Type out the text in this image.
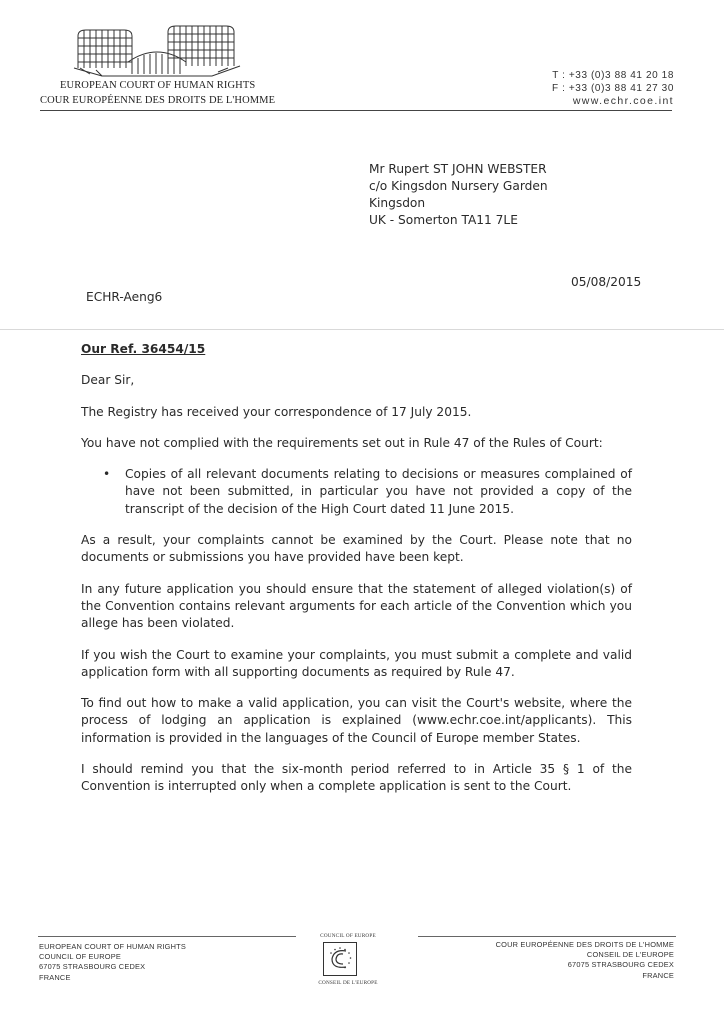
EUROPEAN COURT OF HUMAN RIGHTS
COUR EUROPÉENNE DES DROITS DE L'HOMME
T : +33 (0)3 88 41 20 18
F : +33 (0)3 88 41 27 30
www.echr.coe.int
Mr Rupert ST JOHN WEBSTER
c/o Kingsdon Nursery Garden
Kingsdon
UK - Somerton TA11 7LE
05/08/2015
ECHR-Aeng6
Our Ref. 36454/15
Dear Sir,
The Registry has received your correspondence of 17 July 2015.
You have not complied with the requirements set out in Rule 47 of the Rules of Court:
•	Copies of all relevant documents relating to decisions or measures complained of have not been submitted, in particular you have not provided a copy of the transcript of the decision of the High Court dated 11 June 2015.
As a result, your complaints cannot be examined by the Court. Please note that no documents or submissions you have provided have been kept.
In any future application you should ensure that the statement of alleged violation(s) of the Convention contains relevant arguments for each article of the Convention which you allege has been violated.
If you wish the Court to examine your complaints, you must submit a complete and valid application form with all supporting documents as required by Rule 47.
To find out how to make a valid application, you can visit the Court's website, where the process of lodging an application is explained (www.echr.coe.int/applicants). This information is provided in the languages of the Council of Europe member States.
I should remind you that the six-month period referred to in Article 35 § 1 of the Convention is interrupted only when a complete application is sent to the Court.
EUROPEAN COURT OF HUMAN RIGHTS
COUNCIL OF EUROPE
67075 STRASBOURG CEDEX
FRANCE
COUNCIL OF EUROPE
CONSEIL DE L'EUROPE
COUR EUROPÉENNE DES DROITS DE L'HOMME
CONSEIL DE L'EUROPE
67075 STRASBOURG CEDEX
FRANCE
